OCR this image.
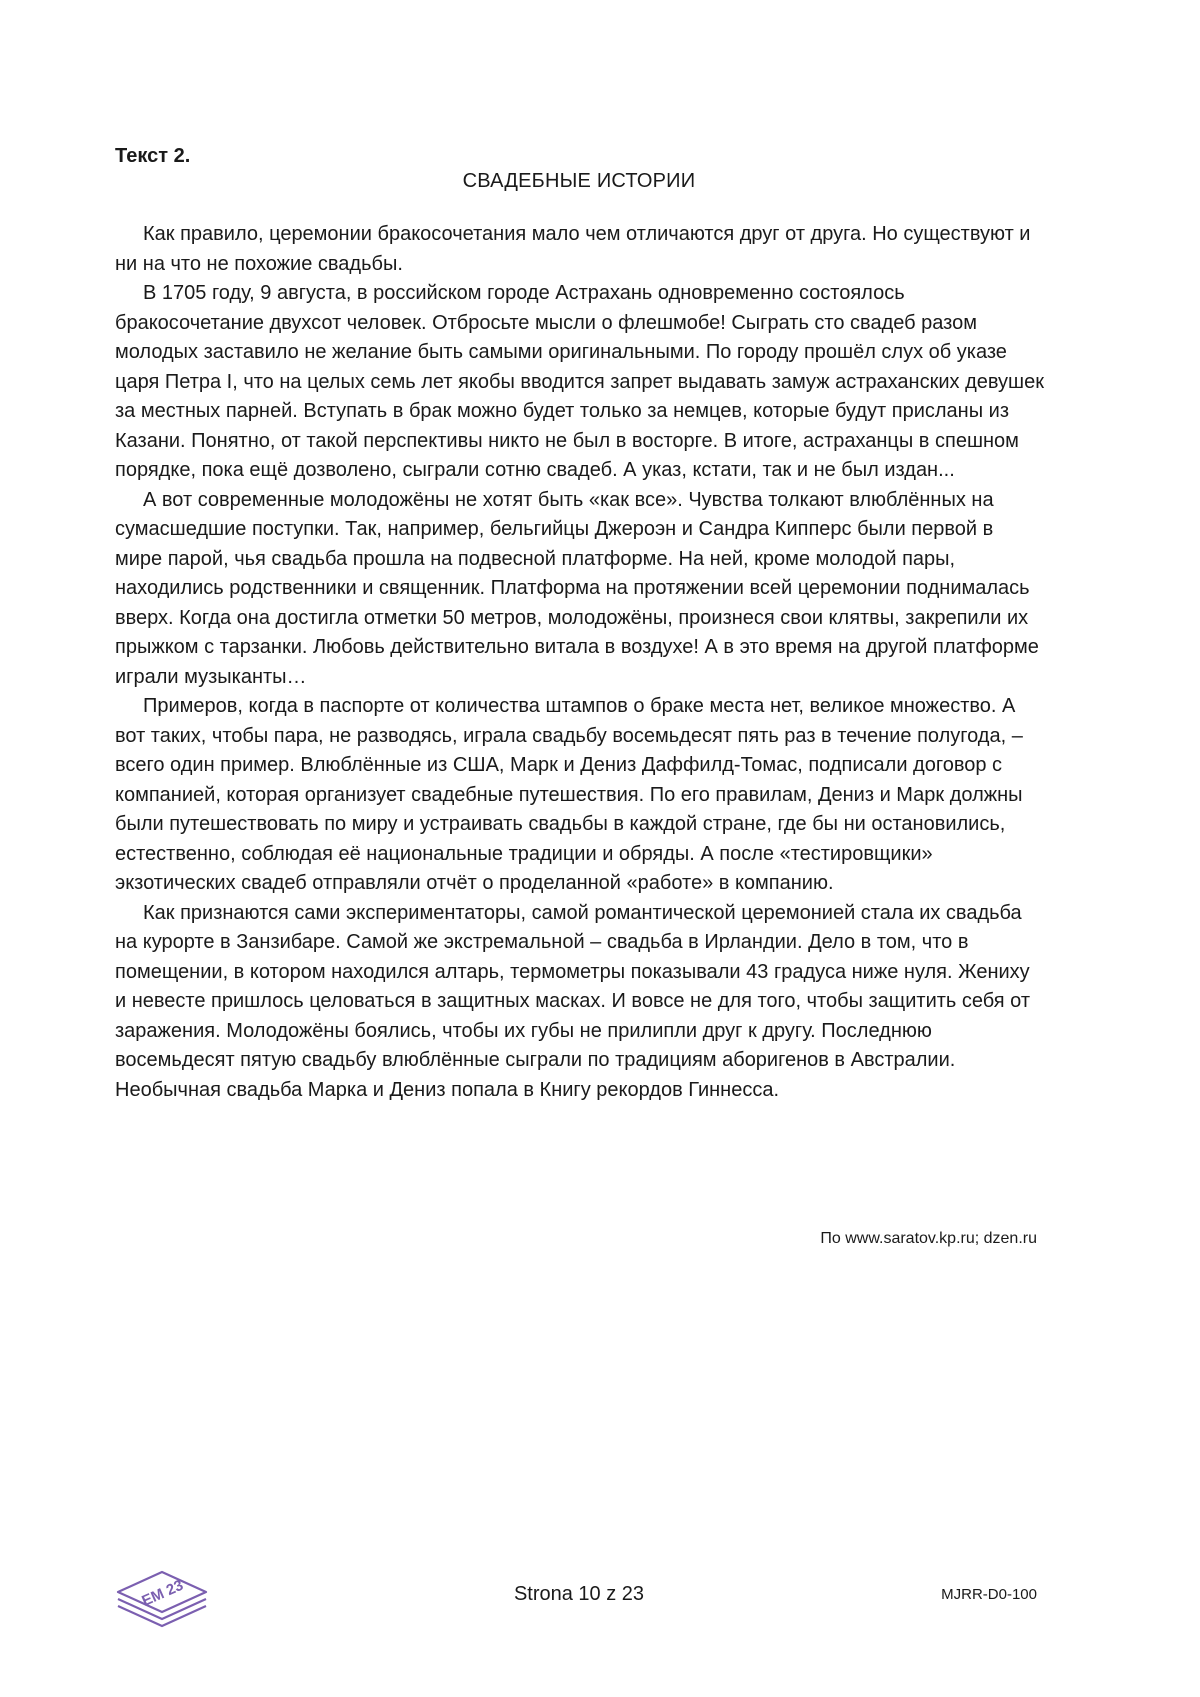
Текст 2.

СВАДЕБНЫЕ ИСТОРИИ

Как правило, церемонии бракосочетания мало чем отличаются друг от друга. Но существуют и ни на что не похожие свадьбы.

В 1705 году, 9 августа, в российском городе Астрахань одновременно состоялось бракосочетание двухсот человек. Отбросьте мысли о флешмобе! Сыграть сто свадеб разом молодых заставило не желание быть самыми оригинальными. По городу прошёл слух об указе царя Петра I, что на целых семь лет якобы вводится запрет выдавать замуж астраханских девушек за местных парней. Вступать в брак можно будет только за немцев, которые будут присланы из Казани. Понятно, от такой перспективы никто не был в восторге. В итоге, астраханцы в спешном порядке, пока ещё дозволено, сыграли сотню свадеб. А указ, кстати, так и не был издан...

А вот современные молодожёны не хотят быть «как все». Чувства толкают влюблённых на сумасшедшие поступки. Так, например, бельгийцы Джероэн и Сандра Кипперс были первой в мире парой, чья свадьба прошла на подвесной платформе. На ней, кроме молодой пары, находились родственники и священник. Платформа на протяжении всей церемонии поднималась вверх. Когда она достигла отметки 50 метров, молодожёны, произнеся свои клятвы, закрепили их прыжком с тарзанки. Любовь действительно витала в воздухе! А в это время на другой платформе играли музыканты…

Примеров, когда в паспорте от количества штампов о браке места нет, великое множество. А вот таких, чтобы пара, не разводясь, играла свадьбу восемьдесят пять раз в течение полугода, – всего один пример. Влюблённые из США, Марк и Дениз Даффилд-Томас, подписали договор с компанией, которая организует свадебные путешествия. По его правилам, Дениз и Марк должны были путешествовать по миру и устраивать свадьбы в каждой стране, где бы ни остановились, естественно, соблюдая её национальные традиции и обряды. А после «тестировщики» экзотических свадеб отправляли отчёт о проделанной «работе» в компанию.

Как признаются сами экспериментаторы, самой романтической церемонией стала их свадьба на курорте в Занзибаре. Самой же экстремальной – свадьба в Ирландии. Дело в том, что в помещении, в котором находился алтарь, термометры показывали 43 градуса ниже нуля. Жениху и невесте пришлось целоваться в защитных масках. И вовсе не для того, чтобы защитить себя от заражения. Молодожёны боялись, чтобы их губы не прилипли друг к другу. Последнюю восемьдесят пятую свадьбу влюблённые сыграли по традициям аборигенов в Австралии. Необычная свадьба Марка и Дениз попала в Книгу рекордов Гиннесса.

По www.saratov.kp.ru; dzen.ru

EM 23	Strona 10 z 23	MJRR-D0-100
